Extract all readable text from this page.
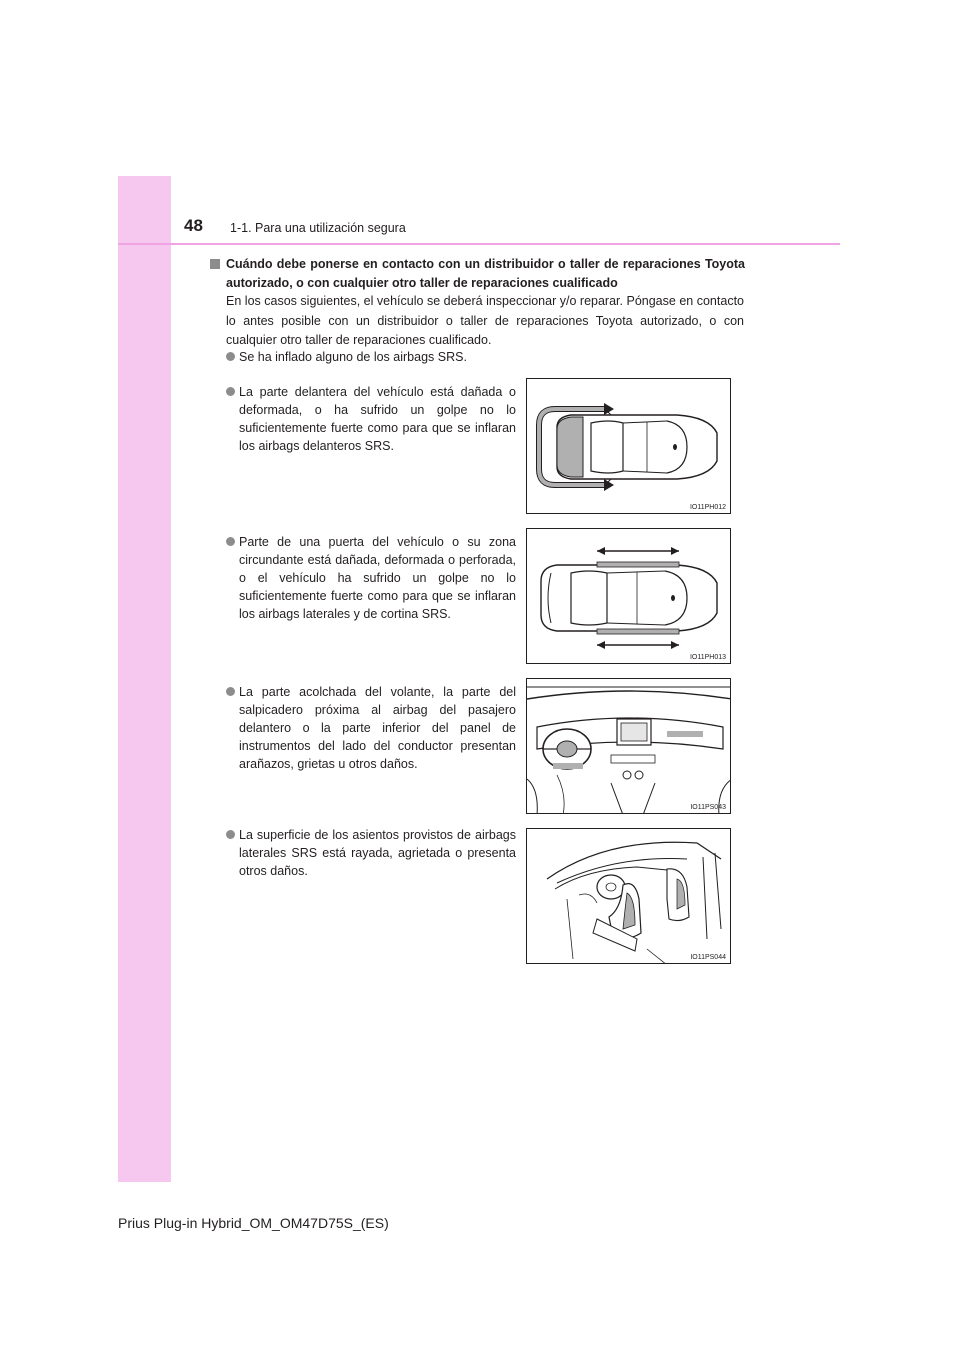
48 1-1. Para una utilización segura
Cuándo debe ponerse en contacto con un distribuidor o taller de reparaciones Toyota autorizado, o con cualquier otro taller de reparaciones cualificado
En los casos siguientes, el vehículo se deberá inspeccionar y/o reparar. Póngase en contacto lo antes posible con un distribuidor o taller de reparaciones Toyota autorizado, o con cualquier otro taller de reparaciones cualificado.
Se ha inflado alguno de los airbags SRS.
La parte delantera del vehículo está dañada o deformada, o ha sufrido un golpe no lo suficientemente fuerte como para que se inflaran los airbags delanteros SRS.
Parte de una puerta del vehículo o su zona circundante está dañada, deformada o perforada, o el vehículo ha sufrido un golpe no lo suficientemente fuerte como para que se inflaran los airbags laterales y de cortina SRS.
La parte acolchada del volante, la parte del salpicadero próxima al airbag del pasajero delantero o la parte inferior del panel de instrumentos del lado del conductor presentan arañazos, grietas u otros daños.
La superficie de los asientos provistos de airbags laterales SRS está rayada, agrietada o presenta otros daños.
IO11PH012
IO11PH013
IO11PS043
IO11PS044
Prius Plug-in Hybrid_OM_OM47D75S_(ES)
